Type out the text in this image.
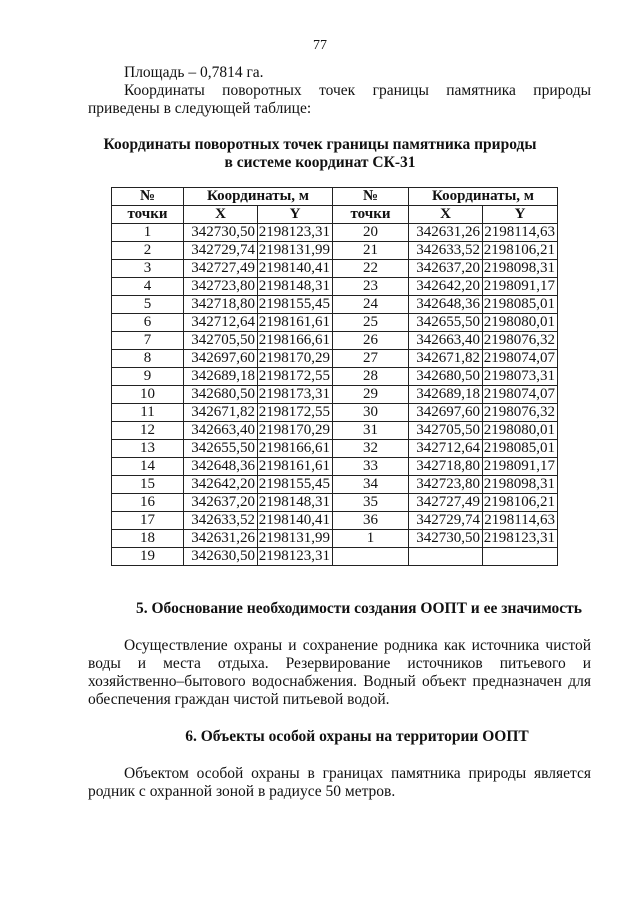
77

Площадь – 0,7814 га.

Координаты поворотных точек границы памятника природы приведены в следующей таблице:

Координаты поворотных точек границы памятника природы
в системе координат СК-31
№	Координаты, м		№	Координаты, м	
точки	X	Y	точки	X	Y
1	342730,50	2198123,31	20	342631,26	2198114,63
2	342729,74	2198131,99	21	342633,52	2198106,21
3	342727,49	2198140,41	22	342637,20	2198098,31
4	342723,80	2198148,31	23	342642,20	2198091,17
5	342718,80	2198155,45	24	342648,36	2198085,01
6	342712,64	2198161,61	25	342655,50	2198080,01
7	342705,50	2198166,61	26	342663,40	2198076,32
8	342697,60	2198170,29	27	342671,82	2198074,07
9	342689,18	2198172,55	28	342680,50	2198073,31
10	342680,50	2198173,31	29	342689,18	2198074,07
11	342671,82	2198172,55	30	342697,60	2198076,32
12	342663,40	2198170,29	31	342705,50	2198080,01
13	342655,50	2198166,61	32	342712,64	2198085,01
14	342648,36	2198161,61	33	342718,80	2198091,17
15	342642,20	2198155,45	34	342723,80	2198098,31
16	342637,20	2198148,31	35	342727,49	2198106,21
17	342633,52	2198140,41	36	342729,74	2198114,63
18	342631,26	2198131,99	1	342730,50	2198123,31
19	342630,50	2198123,31			
5. Обоснование необходимости создания ООПТ и ее значимость

Осуществление охраны и сохранение родника как источника чистой воды и места отдыха. Резервирование источников питьевого и хозяйственно–бытового водоснабжения. Водный объект предназначен для обеспечения граждан чистой питьевой водой.

6. Объекты особой охраны на территории ООПТ

Объектом особой охраны в границах памятника природы является родник с охранной зоной в радиусе 50 метров.
